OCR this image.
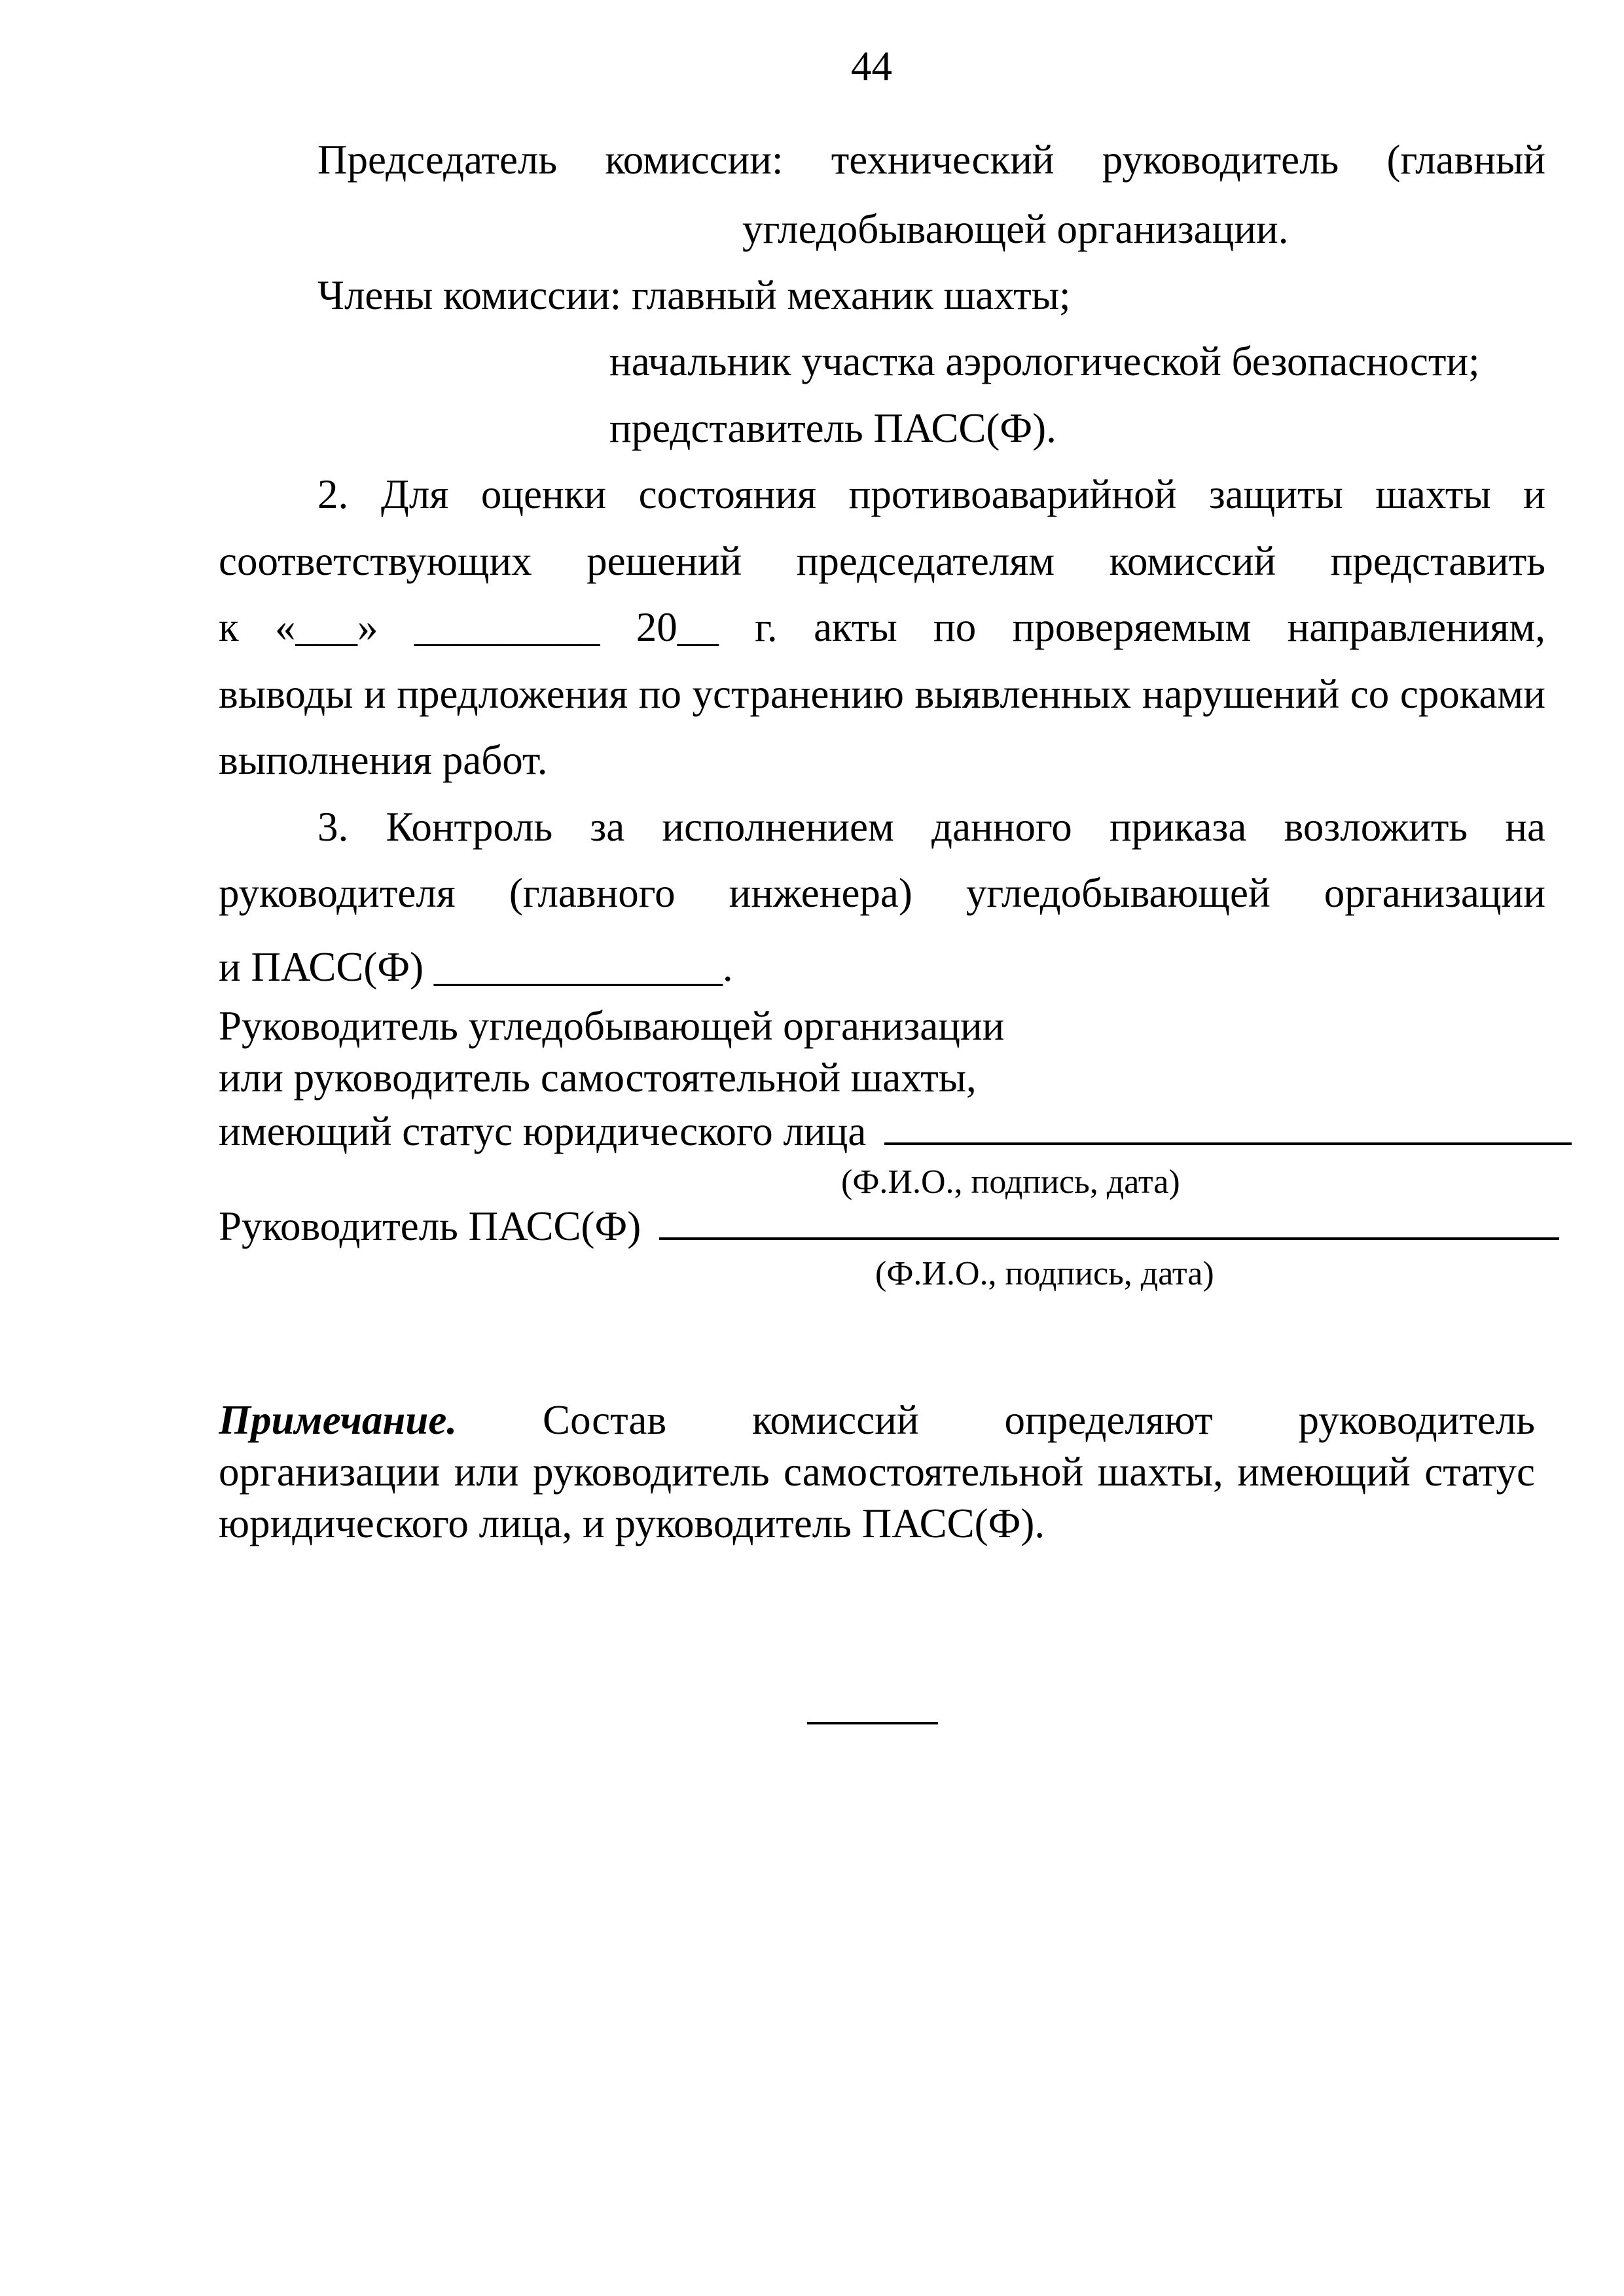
44
Председатель комиссии: технический руководитель (главный
угледобывающей организации.
Члены комиссии: главный механик шахты;
начальник участка аэрологической безопасности;
представитель ПАСС(Ф).
2. Для оценки состояния противоаварийной защиты шахты и
соответствующих решений председателям комиссий представить
к «___» _________ 20__ г. акты по проверяемым направлениям,
выводы и предложения по устранению выявленных нарушений со сроками
выполнения работ.
3. Контроль за исполнением данного приказа возложить на
руководителя (главного инженера) угледобывающей организации
и ПАСС(Ф) ______________.
Руководитель угледобывающей организации
или руководитель самостоятельной шахты,
имеющий статус юридического лица
(Ф.И.О., подпись, дата)
Руководитель ПАСС(Ф)
(Ф.И.О., подпись, дата)
Примечание. Состав комиссий определяют руководитель
организации или руководитель самостоятельной шахты, имеющий статус
юридического лица, и руководитель ПАСС(Ф).
